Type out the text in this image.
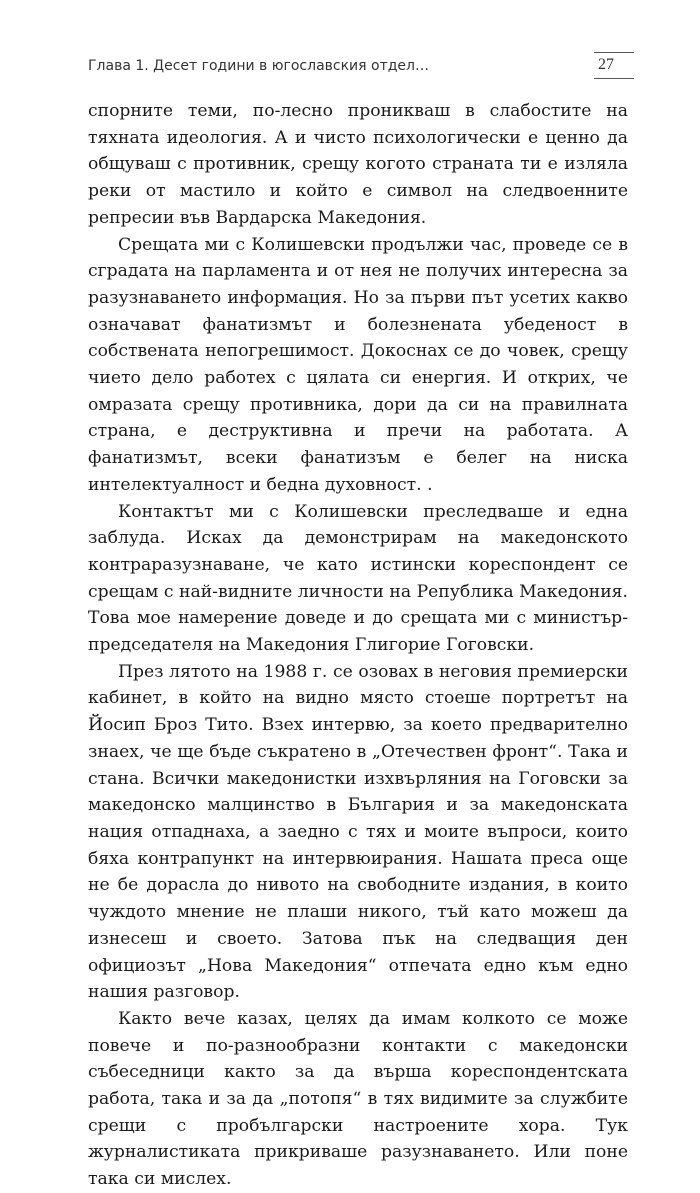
Глава 1. Десет години в югославския отдел…	27

спорните теми, по-лесно прониквaш в слабостите на тяхната идеология. А и чисто психологически е ценно да общуваш с противник, срещу когото страната ти е изляла реки от мастило и който е символ на следвоенните репресии във Вардарска Македония.

Срещата ми с Колишевски продължи час, проведе се в сградата на парламента и от нея не получих интересна за разузнаването информация. Но за първи път усетих какво означават фанатизмът и болезнената убеденост в собствената непогрешимост. Докоснах се до човек, срещу чието дело работех с цялата си енергия. И открих, че омразата срещу противника, дори да си на правилната страна, е деструктивна и пречи на работата. А фанатизмът, всеки фанатизъм е белег на ниска интелектуалност и бедна духовност. .

Контактът ми с Колишевски преследваше и една заблуда. Исках да демонстрирам на македонското контраразузнаване, че като истински кореспондент се срещам с най-видните личности на Република Македония. Това мое намерение доведе и до срещата ми с министър-председателя на Македония Глигорие Гоговски.

През лятото на 1988 г. се озовах в неговия премиерски кабинет, в който на видно място стоеше портретът на Йосип Броз Тито. Взех интервю, за което предварително знаех, че ще бъде съкратено в „Отечествен фронт“. Така и стана. Всички македонистки изхвърляния на Гоговски за македонско малцинство в България и за македонската нация отпаднаха, а заедно с тях и моите въпроси, които бяха контрапункт на интервюирания. Нашата преса още не бе дорасла до нивото на свободните издания, в които чуждото мнение не плаши никого, тъй като можеш да изнесеш и своето. Затова пък на следващия ден официозът „Нова Македония“ отпечата едно към едно нашия разговор.

Както вече казах, целях да имам колкото се може повече и по-разнообразни контакти с македонски събеседници както за да върша кореспондентската работа, така и за да „потопя“ в тях видимите за службите срещи с пробългарски настроените хора. Тук журналистиката прикриваше разузнаването. Или поне така си мислех.
